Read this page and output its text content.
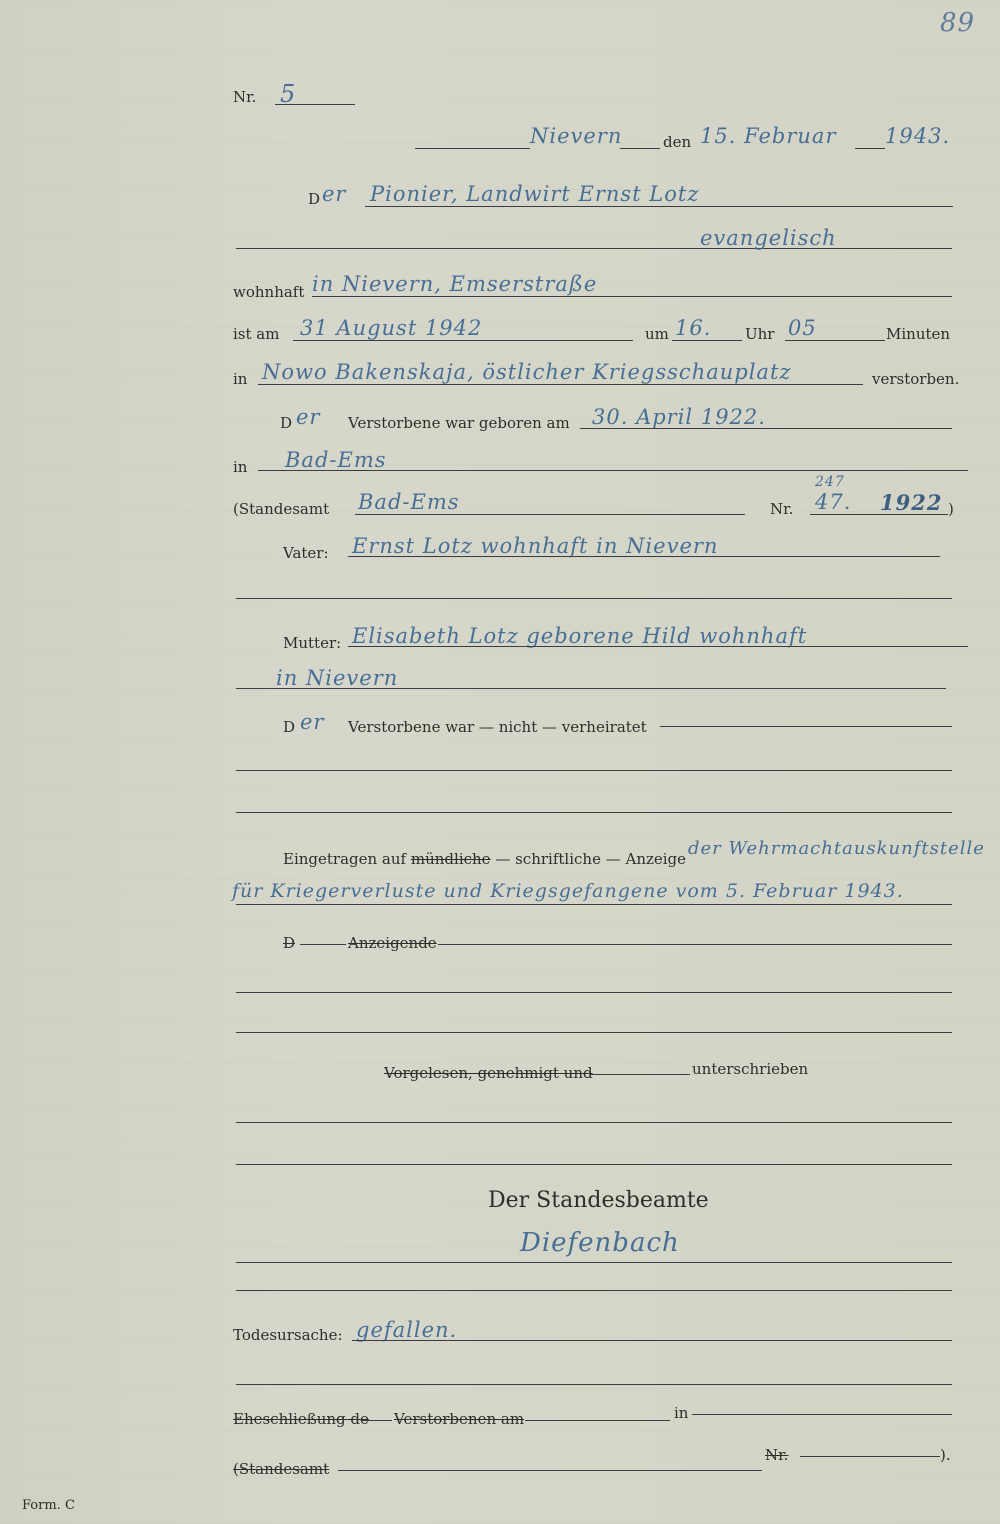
89
Nr. 5
Nievern	den 15. Februar 1943.
D er Pionier, Landwirt Ernst Lotz
evangelisch
wohnhaft in Nievern, Emserstraße
ist am 31 August 1942	um 16. Uhr 05	Minuten
in Nowo Bakenskaja, östlicher Kriegsschauplatz	verstorben.
D er Verstorbene war geboren am 30. April 1922.
in Bad-Ems
(Standesamt Bad-Ems	Nr.
247
47. 1922 )
Vater: Ernst Lotz wohnhaft in Nievern
Mutter: Elisabeth Lotz geborene Hild wohnhaft
in Nievern
D er Verstorbene war — nicht — verheiratet
Eingetragen auf mündliche — schriftliche — Anzeige der Wehrmachtauskunftstelle
für Kriegerverluste und Kriegsgefangene vom 5. Februar 1943.
D	Anzeigende
Vorgelesen, genehmigt und	unterschrieben
Der Standesbeamte
Diefenbach
Todesursache: gefallen.
Eheschließung de Verstorbenen am	in
(Standesamt
Nr.	).
Form. C
